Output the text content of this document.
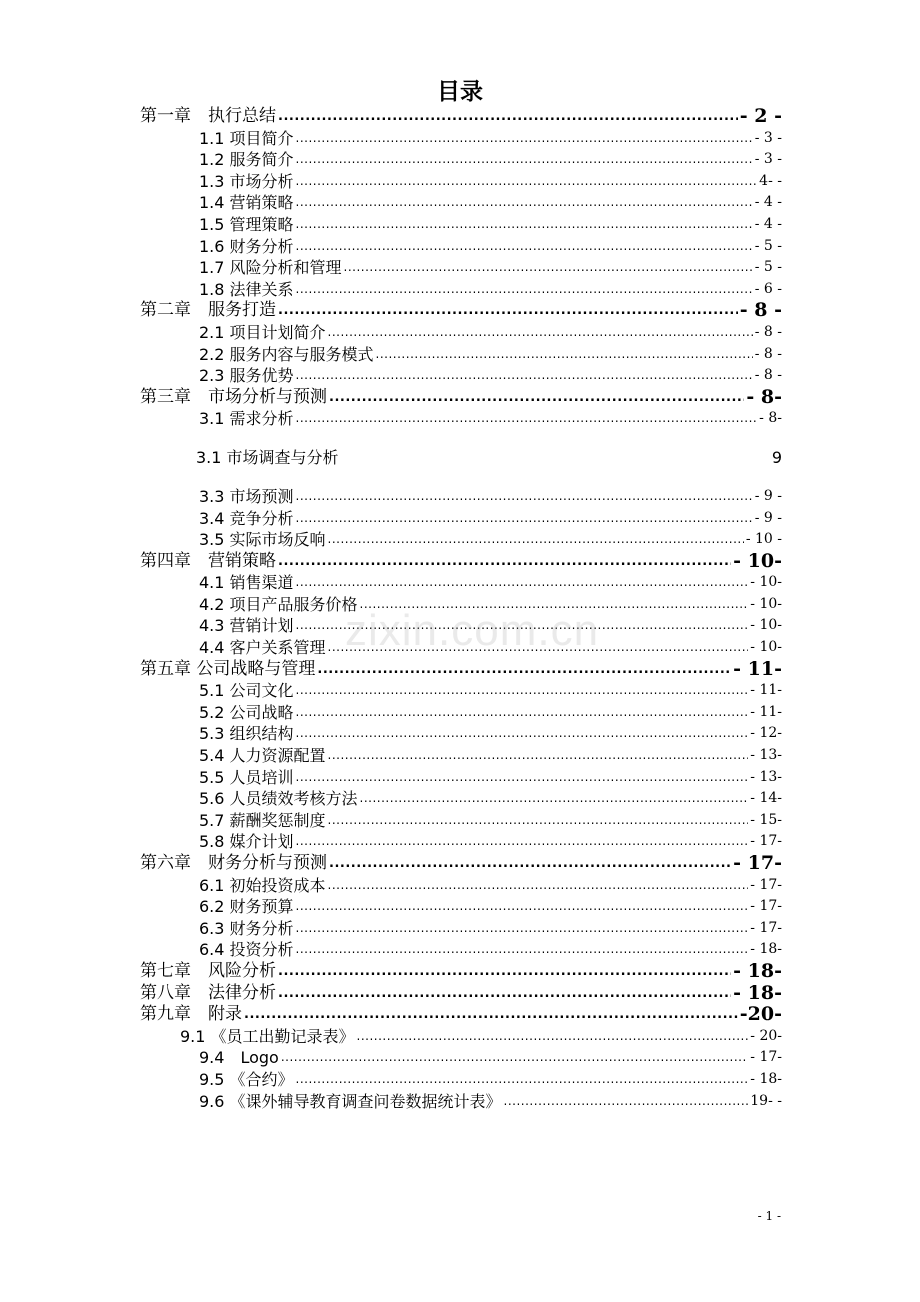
目录
第一章　执行总结 .....	- 2 -
1.1 项目简介 .....	- 3 -
1.2 服务简介 .....	- 3 -
1.3 市场分析 .....	4- -
1.4 营销策略 .....	- 4 -
1.5 管理策略 .....	- 4 -
1.6 财务分析 .....	- 5 -
1.7 风险分析和管理 .....	- 5 -
1.8 法律关系 .....	- 6 -
第二章　服务打造 .....	- 8 -
2.1 项目计划简介 .....	- 8 -
2.2 服务内容与服务模式 .....	- 8 -
2.3 服务优势 .....	- 8 -
第三章　市场分析与预测 .....	- 8-
3.1 需求分析 .....	- 8-
3.1 市场调查与分析	9
3.3 市场预测 .....	- 9 -
3.4 竞争分析 .....	- 9 -
3.5 实际市场反响 .....	- 10 -
第四章　营销策略 .....	- 10-
4.1 销售渠道 .....	- 10-
4.2 项目产品服务价格 .....	- 10-
4.3 营销计划 .....	- 10-
4.4 客户关系管理 .....	- 10-
第五章 公司战略与管理 .....	- 11-
5.1 公司文化 .....	- 11-
5.2 公司战略 .....	- 11-
5.3 组织结构 .....	- 12-
5.4 人力资源配置 .....	- 13-
5.5 人员培训 .....	- 13-
5.6 人员绩效考核方法 .....	- 14-
5.7 薪酬奖惩制度 .....	- 15-
5.8 媒介计划 .....	- 17-
第六章　财务分析与预测 .....	- 17-
6.1 初始投资成本 .....	- 17-
6.2 财务预算 .....	- 17-
6.3 财务分析 .....	- 17-
6.4 投资分析 .....	- 18-
第七章　风险分析 .....	- 18-
第八章　法律分析 .....	- 18-
第九章　附录 .....	-20-
9.1 《员工出勤记录表》 .....	- 20-
9.4　Logo .....	- 17-
9.5 《合约》 .....	- 18-
9.6 《课外辅导教育调查问卷数据统计表》 .....	19- -
zixin.com.cn
- 1 -
